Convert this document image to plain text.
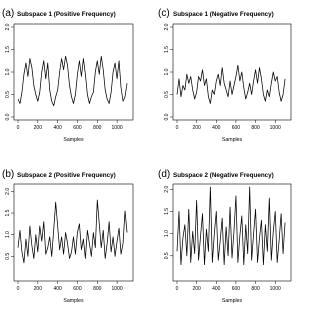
(a) Subspace 1 (Positive Frequency)
0	200 400 600 800 1000
0.0
0.5
1.0
1.5
2.0
Samples
(c) Subspace 1 (Negative Frequency)
0	200 400 600 800 1000
0.0
0.5
1.0
1.5
2.0
Samples
(b) Subspace 2 (Positive Frequency)
0	200 400 600 800 1000
0.5
1.0
1.5
2.0
Samples
(d) Subspace 2 (Negative Frequency)
0	200 400 600 800 1000
0.5
1.0
1.5
2.0
Samples
